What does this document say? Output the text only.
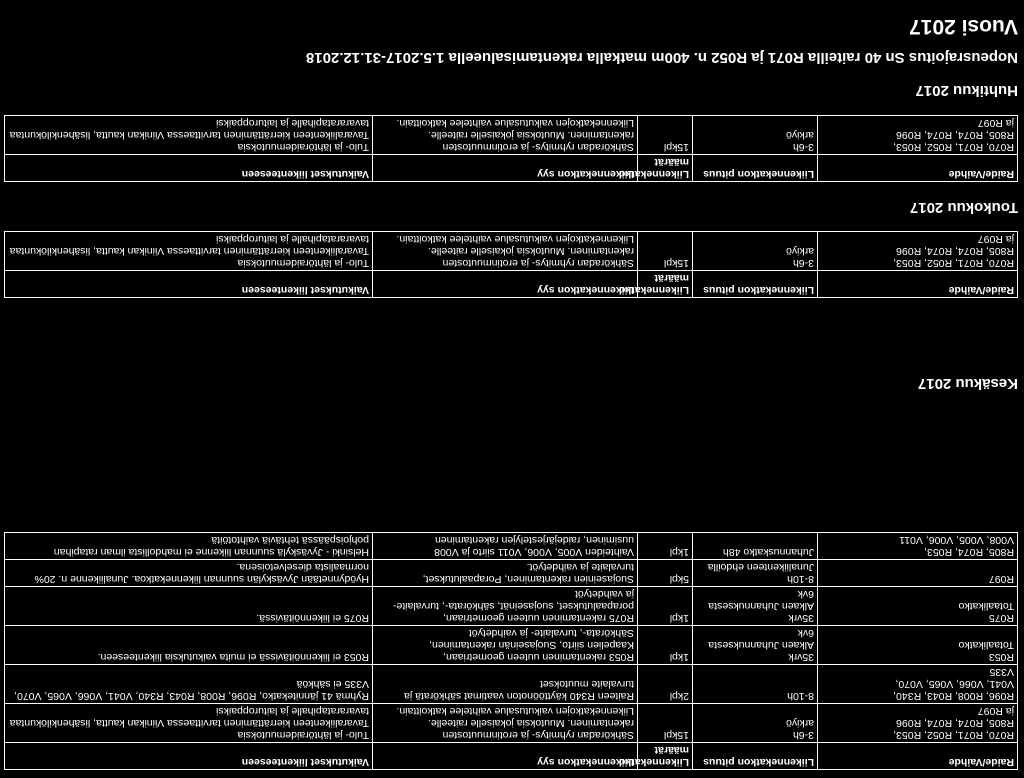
Vuosi 2017
Nopeusrajoitus Sn 40 raiteilla R071 ja R052 n. 400m matkalla rakentamisalueella 1.5.2017-31.12.2018
Huhtikuu 2017
Raide/Vaihde	Liikennekatkon pituus	Liikennekatko määrät	Liikennekatkon syy	Vaikutukset liikenteeseen
R070, R071, R052, R053,
R805, R074, R074, R096
ja R097	3-6h
arkiyö	15kpl	Sähköradan ryhmitys- ja erotinmuutosten
rakentaminen. Muutoksia jokaiselle raiteelle.
Liikennekatkojen vaikutusalue vaihtelee katkoittain.	Tulo- ja lähtöraidemuutoksia
Tavaraliikenteen kierrättäminen tarvittaessa Viinikan kautta, lisähenkilökuntaa
tavararatapihalle ja laituroppaiksi
Toukokuu 2017
Raide/Vaihde	Liikennekatkon pituus	Liikennekatko määrät	Liikennekatkon syy	Vaikutukset liikenteeseen
R070, R071, R052, R053,
R805, R074, R074, R096
ja R097	3-6h
arkiyö	15kpl	Sähköradan ryhmitys- ja erotinmuutosten
rakentaminen. Muutoksia jokaiselle raiteelle.
Liikennekatkojen vaikutusalue vaihtelee katkoittain.	Tulo- ja lähtöraidemuutoksia
Tavaraliikenteen kierrättäminen tarvittaessa Viinikan kautta, lisähenkilökuntaa
tavararatapihalle ja laituroppaiksi
Kesäkuu 2017
Raide/Vaihde	Liikennekatkon pituus	Liikennekatko määrät	Liikennekatkon syy	Vaikutukset liikenteeseen
R070, R071, R052, R053,
R805, R074, R074, R096
ja R097	3-6h
arkiyö	15kpl	Sähköradan ryhmitys- ja erotinmuutosten
rakentaminen. Muutoksia jokaiselle raiteelle.
Liikennekatkojen vaikutusalue vaihtelee katkoittain.	Tulo- ja lähtöraidemuutoksia
Tavaraliikenteen kierrättäminen tarvittaessa Viinikan kautta, lisähenkilökuntaa
tavararatapihalle ja laituroppaiksi
R096, R008, R043, R340,
V041, V066, V065, V070,
V335	8-10h	2kpl	Raiteen R340 käyttöönoton vaatimat sähköratä ja
turvalaite muutokset	Ryhmä 41 jännitekatko, R096, R008, R043, R340, V041, V066, V065, V070,
V335 ei sähköä
R053
Totaalikatko	35vrk
Alkaen Juhannuksesta
6vk	1kpl	R053 rakentaminen uuteen geometriaan,
Kaapelien siirto, Suojaseinän rakentaminen,
Sähkörata-, turvalaite- ja vaihdetyöt	R053 ei liikennöitävissä ei muita vaikutuksia liikenteeseen.
R075
Totaalikatko	35vrk
Alkaen Juhannuksesta
6vk	1kpl	R075 rakentaminen uuteen geometriaan,
porapaalutukset, suojaseinät, sähkörata-, turvalaite-
ja vaihdetyöt	R075 ei liikennöitävissä.
R097	8-10h
Junaliikenteen ehdoilla	5kpl	Suojaseinien rakentaminen, Porapaalutukset,
turvalaite ja vaihdetyöt.	Hyödynnetään Jyväskylän suunnan liikennekatkoa. Junaliikenne n. 20%
normaalista dieselvetoisena.
R805, R074, R053,
V008, V005, V006, V011	Juhannuskatko 48h	1kpl	Vaihteiden V005, V006, V011 siirto ja V008
uusiminen, raidejärjestelyjen rakentaminen	Helsinki - Jyväskylä suunnan liikenne ei mahdollista ilman ratapihan
pohjoispäässä tehtäviä vaihtotöitä
